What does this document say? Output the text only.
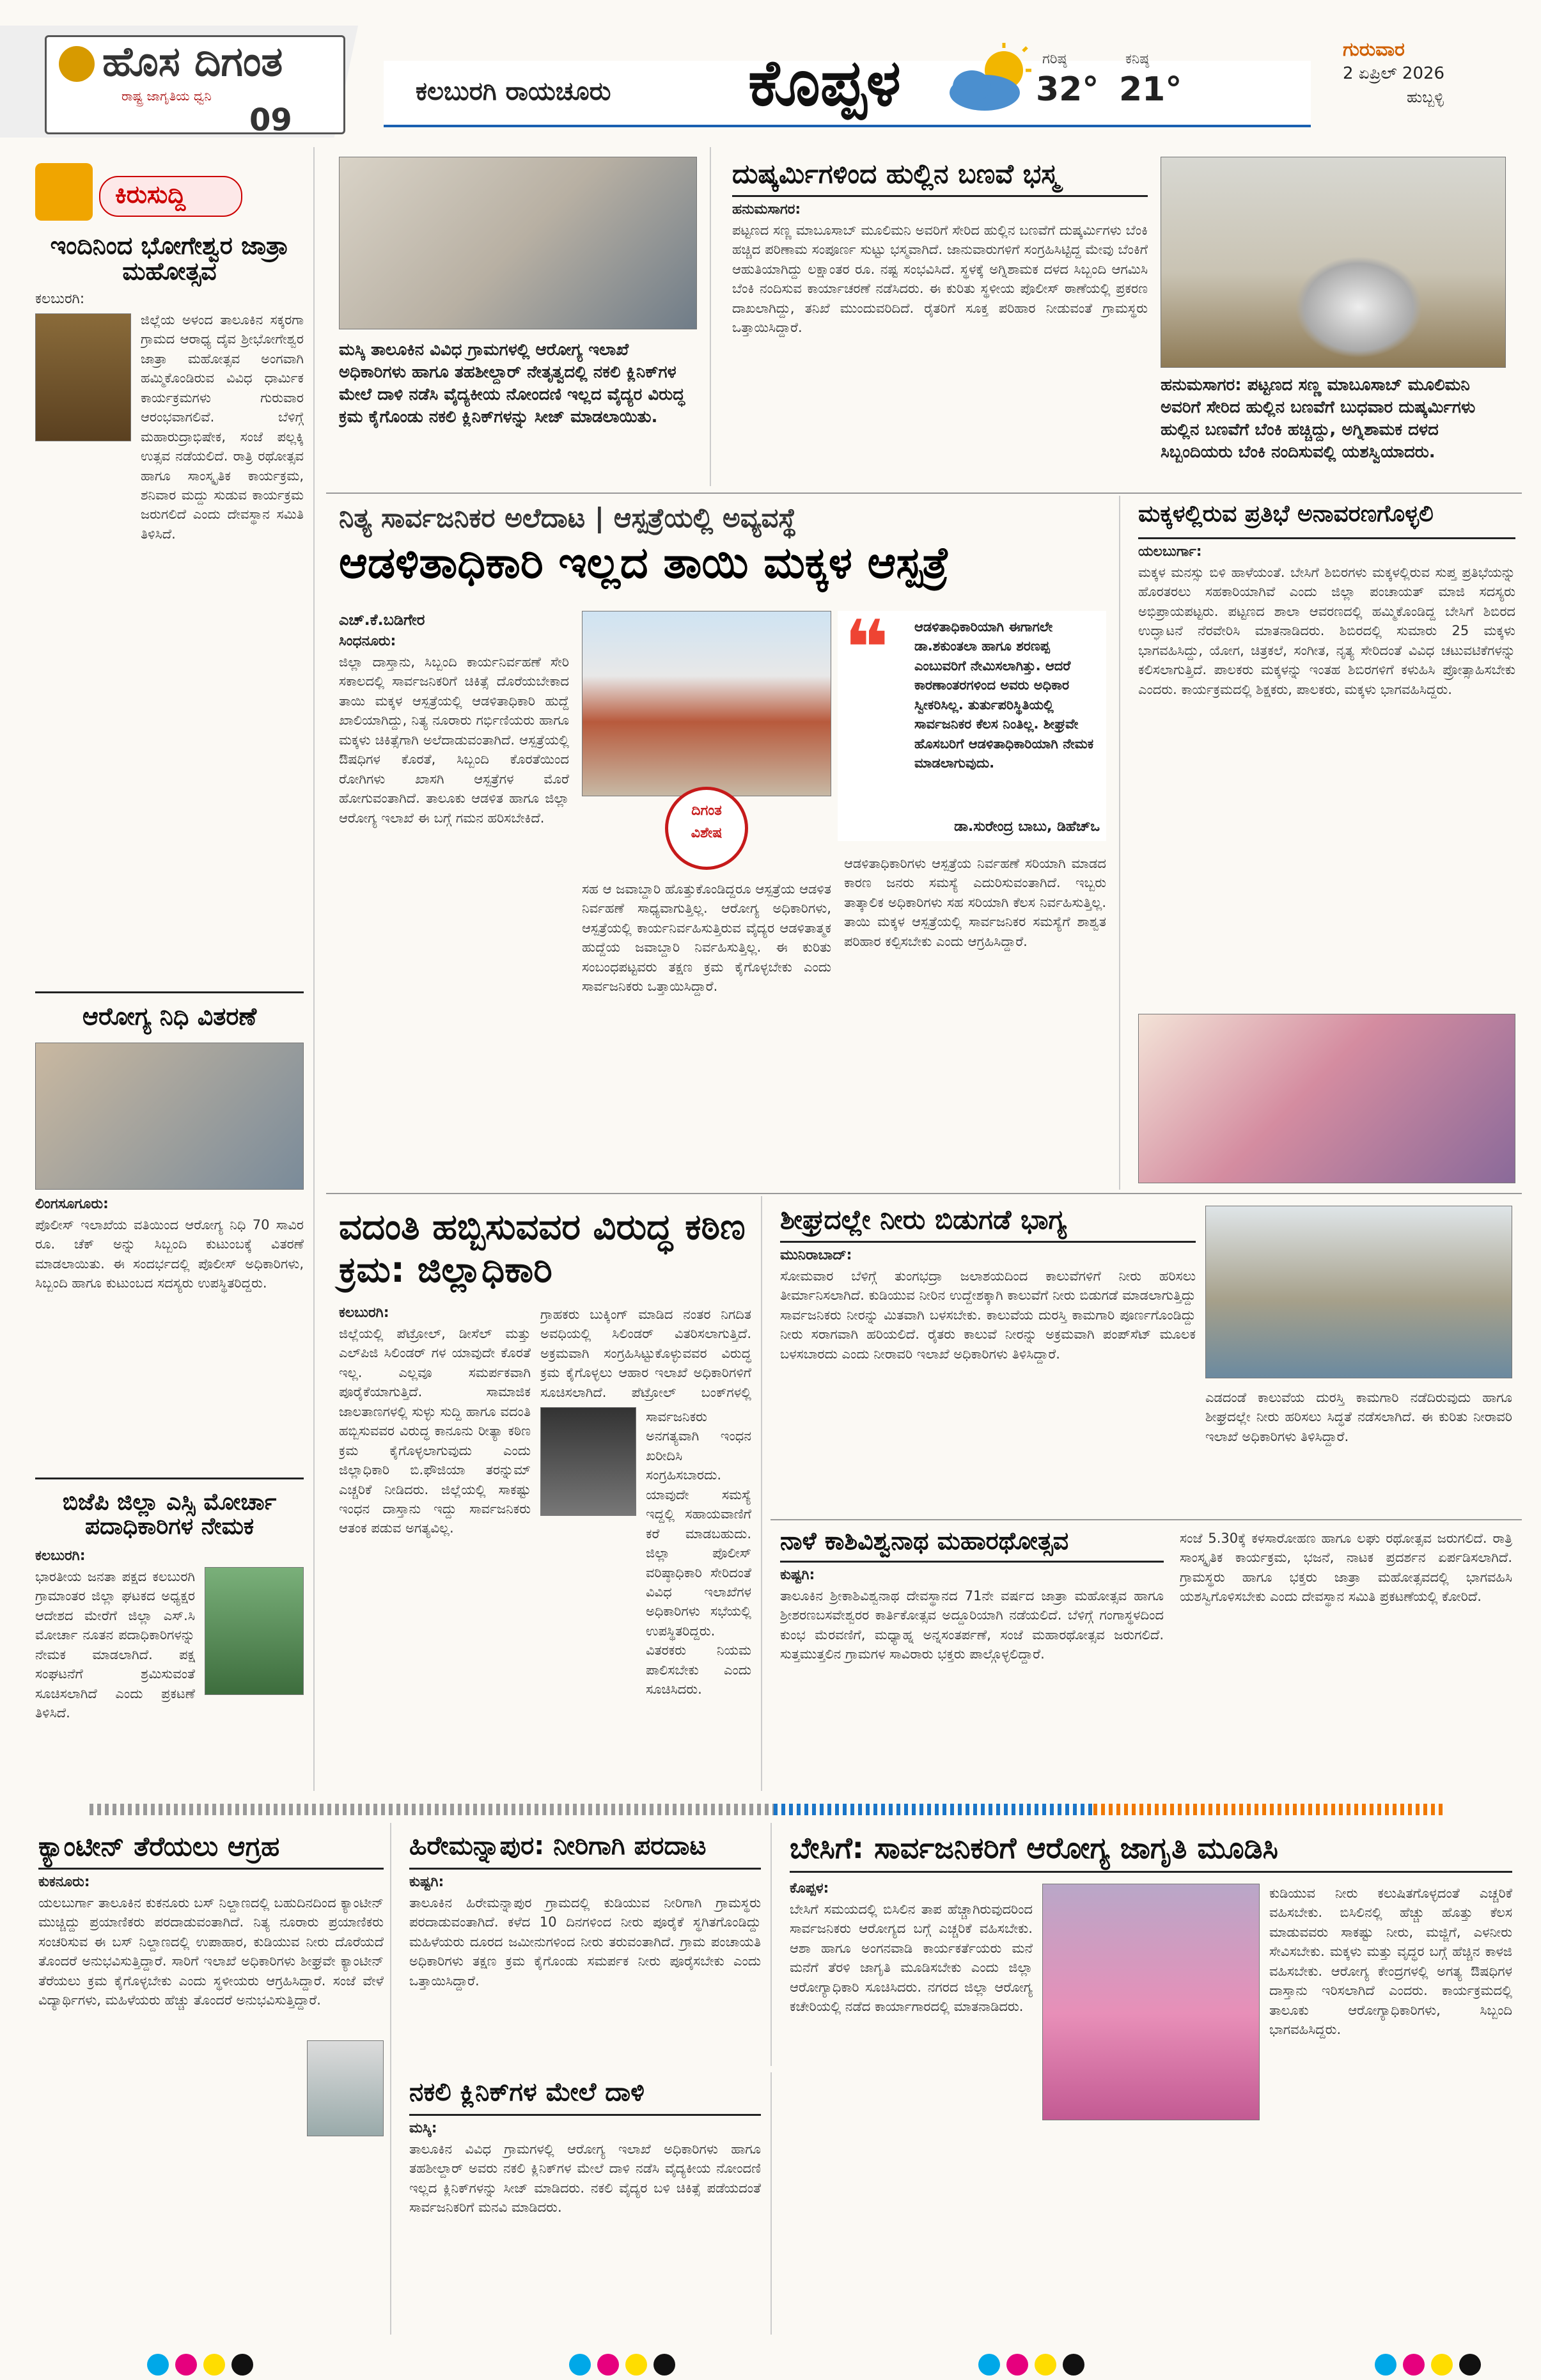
ಹೊಸ ದಿಗಂತ
ರಾಷ್ಟ್ರ ಜಾಗೃತಿಯ ಧ್ವನಿ
09
ಕಲಬುರಗಿ ರಾಯಚೂರು ಕೊಪ್ಪಳ	ಗರಿಷ್ಠ
32°
ಕನಿಷ್ಠ
21°
ಗುರುವಾರ
2 ಏಪ್ರಿಲ್ 2026
ಹುಬ್ಬಳ್ಳಿ
ಕಿರುಸುದ್ದಿ
ಇಂದಿನಿಂದ ಭೋಗೇಶ್ವರ ಜಾತ್ರಾ ಮಹೋತ್ಸವ
ಕಲಬುರಗಿ:
ಜಿಲ್ಲೆಯ ಅಳಂದ ತಾಲೂಕಿನ ಸಕ್ಕರಗಾ ಗ್ರಾಮದ ಆರಾಧ್ಯ ದೈವ ಶ್ರೀಭೋಗೇಶ್ವರ ಜಾತ್ರಾ ಮಹೋತ್ಸವ ಅಂಗವಾಗಿ ಹಮ್ಮಿಕೊಂಡಿರುವ ವಿವಿಧ ಧಾರ್ಮಿಕ ಕಾರ್ಯಕ್ರಮಗಳು ಗುರುವಾರ ಆರಂಭವಾಗಲಿವೆ. ಬೆಳಿಗ್ಗೆ ಮಹಾರುದ್ರಾಭಿಷೇಕ, ಸಂಜೆ ಪಲ್ಲಕ್ಕಿ ಉತ್ಸವ ನಡೆಯಲಿದೆ. ರಾತ್ರಿ ರಥೋತ್ಸವ ಹಾಗೂ ಸಾಂಸ್ಕೃತಿಕ ಕಾರ್ಯಕ್ರಮ, ಶನಿವಾರ ಮದ್ದು ಸುಡುವ ಕಾರ್ಯಕ್ರಮ ಜರುಗಲಿದೆ ಎಂದು ದೇವಸ್ಥಾನ ಸಮಿತಿ ತಿಳಿಸಿದೆ.
ಆರೋಗ್ಯ ನಿಧಿ ವಿತರಣೆ
ಲಿಂಗಸೂಗೂರು:
ಪೊಲೀಸ್ ಇಲಾಖೆಯ ವತಿಯಿಂದ ಆರೋಗ್ಯ ನಿಧಿ 70 ಸಾವಿರ ರೂ. ಚೆಕ್ ಅನ್ನು ಸಿಬ್ಬಂದಿ ಕುಟುಂಬಕ್ಕೆ ವಿತರಣೆ ಮಾಡಲಾಯಿತು. ಈ ಸಂದರ್ಭದಲ್ಲಿ ಪೊಲೀಸ್ ಅಧಿಕಾರಿಗಳು, ಸಿಬ್ಬಂದಿ ಹಾಗೂ ಕುಟುಂಬದ ಸದಸ್ಯರು ಉಪಸ್ಥಿತರಿದ್ದರು.
ಬಿಜೆಪಿ ಜಿಲ್ಲಾ ಎಸ್ಸಿ ಮೋರ್ಚಾ ಪದಾಧಿಕಾರಿಗಳ ನೇಮಕ
ಕಲಬುರಗಿ:
ಭಾರತೀಯ ಜನತಾ ಪಕ್ಷದ ಕಲಬುರಗಿ ಗ್ರಾಮಾಂತರ ಜಿಲ್ಲಾ ಘಟಕದ ಅಧ್ಯಕ್ಷರ ಆದೇಶದ ಮೇರೆಗೆ ಜಿಲ್ಲಾ ಎಸ್.ಸಿ ಮೋರ್ಚಾ ನೂತನ ಪದಾಧಿಕಾರಿಗಳನ್ನು ನೇಮಕ ಮಾಡಲಾಗಿದೆ. ಪಕ್ಷ ಸಂಘಟನೆಗೆ ಶ್ರಮಿಸುವಂತೆ ಸೂಚಿಸಲಾಗಿದೆ ಎಂದು ಪ್ರಕಟಣೆ ತಿಳಿಸಿದೆ.
ಮಸ್ಕಿ ತಾಲೂಕಿನ ವಿವಿಧ ಗ್ರಾಮಗಳಲ್ಲಿ ಆರೋಗ್ಯ ಇಲಾಖೆ ಅಧಿಕಾರಿಗಳು ಹಾಗೂ ತಹಶೀಲ್ದಾರ್ ನೇತೃತ್ವದಲ್ಲಿ ನಕಲಿ ಕ್ಲಿನಿಕ್‌ಗಳ ಮೇಲೆ ದಾಳಿ ನಡೆಸಿ ವೈದ್ಯಕೀಯ ನೋಂದಣಿ ಇಲ್ಲದ ವೈದ್ಯರ ವಿರುದ್ಧ ಕ್ರಮ ಕೈಗೊಂಡು ನಕಲಿ ಕ್ಲಿನಿಕ್‌ಗಳನ್ನು ಸೀಜ್ ಮಾಡಲಾಯಿತು.
ದುಷ್ಕರ್ಮಿಗಳಿಂದ ಹುಲ್ಲಿನ ಬಣವೆ ಭಸ್ಮ
ಹನುಮಸಾಗರ:
ಪಟ್ಟಣದ ಸಣ್ಣ ಮಾಬೂಸಾಬ್ ಮೂಲಿಮನಿ ಅವರಿಗೆ ಸೇರಿದ ಹುಲ್ಲಿನ ಬಣವೆಗೆ ದುಷ್ಕರ್ಮಿಗಳು ಬೆಂಕಿ ಹಚ್ಚಿದ ಪರಿಣಾಮ ಸಂಪೂರ್ಣ ಸುಟ್ಟು ಭಸ್ಮವಾಗಿದೆ. ಜಾನುವಾರುಗಳಿಗೆ ಸಂಗ್ರಹಿಸಿಟ್ಟಿದ್ದ ಮೇವು ಬೆಂಕಿಗೆ ಆಹುತಿಯಾಗಿದ್ದು ಲಕ್ಷಾಂತರ ರೂ. ನಷ್ಟ ಸಂಭವಿಸಿದೆ. ಸ್ಥಳಕ್ಕೆ ಅಗ್ನಿಶಾಮಕ ದಳದ ಸಿಬ್ಬಂದಿ ಆಗಮಿಸಿ ಬೆಂಕಿ ನಂದಿಸುವ ಕಾರ್ಯಾಚರಣೆ ನಡೆಸಿದರು. ಈ ಕುರಿತು ಸ್ಥಳೀಯ ಪೊಲೀಸ್ ಠಾಣೆಯಲ್ಲಿ ಪ್ರಕರಣ ದಾಖಲಾಗಿದ್ದು, ತನಿಖೆ ಮುಂದುವರಿದಿದೆ. ರೈತರಿಗೆ ಸೂಕ್ತ ಪರಿಹಾರ ನೀಡುವಂತೆ ಗ್ರಾಮಸ್ಥರು ಒತ್ತಾಯಿಸಿದ್ದಾರೆ.
ಹನುಮಸಾಗರ: ಪಟ್ಟಣದ ಸಣ್ಣ ಮಾಬೂಸಾಬ್ ಮೂಲಿಮನಿ ಅವರಿಗೆ ಸೇರಿದ ಹುಲ್ಲಿನ ಬಣವೆಗೆ ಬುಧವಾರ ದುಷ್ಕರ್ಮಿಗಳು ಹುಲ್ಲಿನ ಬಣವೆಗೆ ಬೆಂಕಿ ಹಚ್ಚಿದ್ದು, ಅಗ್ನಿಶಾಮಕ ದಳದ ಸಿಬ್ಬಂದಿಯರು ಬೆಂಕಿ ನಂದಿಸುವಲ್ಲಿ ಯಶಸ್ವಿಯಾದರು.
ನಿತ್ಯ ಸಾರ್ವಜನಿಕರ ಅಲೆದಾಟ | ಆಸ್ಪತ್ರೆಯಲ್ಲಿ ಅವ್ಯವಸ್ಥೆ
ಆಡಳಿತಾಧಿಕಾರಿ ಇಲ್ಲದ ತಾಯಿ ಮಕ್ಕಳ ಆಸ್ಪತ್ರೆ
ಎಚ್.ಕೆ.ಬಡಿಗೇರ
ಸಿಂಧನೂರು:
ಜಿಲ್ಲಾ ದಾಸ್ತಾನು, ಸಿಬ್ಬಂದಿ ಕಾರ್ಯನಿರ್ವಹಣೆ ಸೇರಿ ಸಕಾಲದಲ್ಲಿ ಸಾರ್ವಜನಿಕರಿಗೆ ಚಿಕಿತ್ಸೆ ದೊರೆಯಬೇಕಾದ ತಾಯಿ ಮಕ್ಕಳ ಆಸ್ಪತ್ರೆಯಲ್ಲಿ ಆಡಳಿತಾಧಿಕಾರಿ ಹುದ್ದೆ ಖಾಲಿಯಾಗಿದ್ದು, ನಿತ್ಯ ನೂರಾರು ಗರ್ಭಿಣಿಯರು ಹಾಗೂ ಮಕ್ಕಳು ಚಿಕಿತ್ಸೆಗಾಗಿ ಅಲೆದಾಡುವಂತಾಗಿದೆ. ಆಸ್ಪತ್ರೆಯಲ್ಲಿ ಔಷಧಿಗಳ ಕೊರತೆ, ಸಿಬ್ಬಂದಿ ಕೊರತೆಯಿಂದ ರೋಗಿಗಳು ಖಾಸಗಿ ಆಸ್ಪತ್ರೆಗಳ ಮೊರೆ ಹೋಗುವಂತಾಗಿದೆ. ತಾಲೂಕು ಆಡಳಿತ ಹಾಗೂ ಜಿಲ್ಲಾ ಆರೋಗ್ಯ ಇಲಾಖೆ ಈ ಬಗ್ಗೆ ಗಮನ ಹರಿಸಬೇಕಿದೆ.	ದಿಗಂತ
ವಿಶೇಷ
ಸಹ ಆ ಜವಾಬ್ದಾರಿ ಹೊತ್ತುಕೊಂಡಿದ್ದರೂ ಆಸ್ಪತ್ರೆಯ ಆಡಳಿತ ನಿರ್ವಹಣೆ ಸಾಧ್ಯವಾಗುತ್ತಿಲ್ಲ. ಆರೋಗ್ಯ ಅಧಿಕಾರಿಗಳು, ಆಸ್ಪತ್ರೆಯಲ್ಲಿ ಕಾರ್ಯನಿರ್ವಹಿಸುತ್ತಿರುವ ವೈದ್ಯರ ಆಡಳಿತಾತ್ಮಕ ಹುದ್ದೆಯ ಜವಾಬ್ದಾರಿ ನಿರ್ವಹಿಸುತ್ತಿಲ್ಲ. ಈ ಕುರಿತು ಸಂಬಂಧಪಟ್ಟವರು ತಕ್ಷಣ ಕ್ರಮ ಕೈಗೊಳ್ಳಬೇಕು ಎಂದು ಸಾರ್ವಜನಿಕರು ಒತ್ತಾಯಿಸಿದ್ದಾರೆ.
❝ ಆಡಳಿತಾಧಿಕಾರಿಯಾಗಿ ಈಗಾಗಲೇ ಡಾ.ಶಕುಂತಲಾ ಹಾಗೂ ಶರಣಪ್ಪ ಎಂಬುವರಿಗೆ ನೇಮಿಸಲಾಗಿತ್ತು. ಆದರೆ ಕಾರಣಾಂತರಗಳಿಂದ ಅವರು ಅಧಿಕಾರ ಸ್ವೀಕರಿಸಿಲ್ಲ. ತುರ್ತುಪರಿಸ್ಥಿತಿಯಲ್ಲಿ ಸಾರ್ವಜನಿಕರ ಕೆಲಸ ನಿಂತಿಲ್ಲ. ಶೀಘ್ರವೇ ಹೊಸಬರಿಗೆ ಆಡಳಿತಾಧಿಕಾರಿಯಾಗಿ ನೇಮಕ ಮಾಡಲಾಗುವುದು.
ಡಾ.ಸುರೇಂದ್ರ ಬಾಬು, ಡಿಹೆಚ್‌ಒ
ಆಡಳಿತಾಧಿಕಾರಿಗಳು ಆಸ್ಪತ್ರೆಯ ನಿರ್ವಹಣೆ ಸರಿಯಾಗಿ ಮಾಡದ ಕಾರಣ ಜನರು ಸಮಸ್ಯೆ ಎದುರಿಸುವಂತಾಗಿದೆ. ಇಬ್ಬರು ತಾತ್ಕಾಲಿಕ ಅಧಿಕಾರಿಗಳು ಸಹ ಸರಿಯಾಗಿ ಕೆಲಸ ನಿರ್ವಹಿಸುತ್ತಿಲ್ಲ. ತಾಯಿ ಮಕ್ಕಳ ಆಸ್ಪತ್ರೆಯಲ್ಲಿ ಸಾರ್ವಜನಿಕರ ಸಮಸ್ಯೆಗೆ ಶಾಶ್ವತ ಪರಿಹಾರ ಕಲ್ಪಿಸಬೇಕು ಎಂದು ಆಗ್ರಹಿಸಿದ್ದಾರೆ.
ಮಕ್ಕಳಲ್ಲಿರುವ ಪ್ರತಿಭೆ ಅನಾವರಣಗೊಳ್ಳಲಿ
ಯಲಬುರ್ಗಾ:
ಮಕ್ಕಳ ಮನಸ್ಸು ಬಿಳಿ ಹಾಳೆಯಂತೆ. ಬೇಸಿಗೆ ಶಿಬಿರಗಳು ಮಕ್ಕಳಲ್ಲಿರುವ ಸುಪ್ತ ಪ್ರತಿಭೆಯನ್ನು ಹೊರತರಲು ಸಹಕಾರಿಯಾಗಿವೆ ಎಂದು ಜಿಲ್ಲಾ ಪಂಚಾಯತ್ ಮಾಜಿ ಸದಸ್ಯರು ಅಭಿಪ್ರಾಯಪಟ್ಟರು. ಪಟ್ಟಣದ ಶಾಲಾ ಆವರಣದಲ್ಲಿ ಹಮ್ಮಿಕೊಂಡಿದ್ದ ಬೇಸಿಗೆ ಶಿಬಿರದ ಉದ್ಘಾಟನೆ ನೆರವೇರಿಸಿ ಮಾತನಾಡಿದರು. ಶಿಬಿರದಲ್ಲಿ ಸುಮಾರು 25 ಮಕ್ಕಳು ಭಾಗವಹಿಸಿದ್ದು, ಯೋಗ, ಚಿತ್ರಕಲೆ, ಸಂಗೀತ, ನೃತ್ಯ ಸೇರಿದಂತೆ ವಿವಿಧ ಚಟುವಟಿಕೆಗಳನ್ನು ಕಲಿಸಲಾಗುತ್ತಿದೆ. ಪಾಲಕರು ಮಕ್ಕಳನ್ನು ಇಂತಹ ಶಿಬಿರಗಳಿಗೆ ಕಳುಹಿಸಿ ಪ್ರೋತ್ಸಾಹಿಸಬೇಕು ಎಂದರು. ಕಾರ್ಯಕ್ರಮದಲ್ಲಿ ಶಿಕ್ಷಕರು, ಪಾಲಕರು, ಮಕ್ಕಳು ಭಾಗವಹಿಸಿದ್ದರು.
ವದಂತಿ ಹಬ್ಬಿಸುವವರ ವಿರುದ್ಧ ಕಠಿಣ ಕ್ರಮ: ಜಿಲ್ಲಾಧಿಕಾರಿ
ಕಲಬುರಗಿ:
ಜಿಲ್ಲೆಯಲ್ಲಿ ಪೆಟ್ರೋಲ್, ಡೀಸೆಲ್ ಮತ್ತು ಎಲ್‌ಪಿಜಿ ಸಿಲಿಂಡರ್ ಗಳ ಯಾವುದೇ ಕೊರತೆ ಇಲ್ಲ. ಎಲ್ಲವೂ ಸಮರ್ಪಕವಾಗಿ ಪೂರೈಕೆಯಾಗುತ್ತಿದೆ. ಸಾಮಾಜಿಕ ಜಾಲತಾಣಗಳಲ್ಲಿ ಸುಳ್ಳು ಸುದ್ದಿ ಹಾಗೂ ವದಂತಿ ಹಬ್ಬಿಸುವವರ ವಿರುದ್ಧ ಕಾನೂನು ರೀತ್ಯಾ ಕಠಿಣ ಕ್ರಮ ಕೈಗೊಳ್ಳಲಾಗುವುದು ಎಂದು ಜಿಲ್ಲಾಧಿಕಾರಿ ಬಿ.ಫೌಜಿಯಾ ತರನ್ನುಮ್ ಎಚ್ಚರಿಕೆ ನೀಡಿದರು. ಜಿಲ್ಲೆಯಲ್ಲಿ ಸಾಕಷ್ಟು ಇಂಧನ ದಾಸ್ತಾನು ಇದ್ದು ಸಾರ್ವಜನಿಕರು ಆತಂಕ ಪಡುವ ಅಗತ್ಯವಿಲ್ಲ.
ಗ್ರಾಹಕರು ಬುಕ್ಕಿಂಗ್ ಮಾಡಿದ ನಂತರ ನಿಗದಿತ ಅವಧಿಯಲ್ಲಿ ಸಿಲಿಂಡರ್ ವಿತರಿಸಲಾಗುತ್ತಿದೆ. ಅಕ್ರಮವಾಗಿ ಸಂಗ್ರಹಿಸಿಟ್ಟುಕೊಳ್ಳುವವರ ವಿರುದ್ಧ ಕ್ರಮ ಕೈಗೊಳ್ಳಲು ಆಹಾರ ಇಲಾಖೆ ಅಧಿಕಾರಿಗಳಿಗೆ ಸೂಚಿಸಲಾಗಿದೆ. ಪೆಟ್ರೋಲ್ ಬಂಕ್‌ಗಳಲ್ಲಿ
ಸಾರ್ವಜನಿಕರು ಅನಗತ್ಯವಾಗಿ ಇಂಧನ ಖರೀದಿಸಿ ಸಂಗ್ರಹಿಸಬಾರದು. ಯಾವುದೇ ಸಮಸ್ಯೆ ಇದ್ದಲ್ಲಿ ಸಹಾಯವಾಣಿಗೆ ಕರೆ ಮಾಡಬಹುದು. ಜಿಲ್ಲಾ ಪೊಲೀಸ್ ವರಿಷ್ಠಾಧಿಕಾರಿ ಸೇರಿದಂತೆ ವಿವಿಧ ಇಲಾಖೆಗಳ ಅಧಿಕಾರಿಗಳು ಸಭೆಯಲ್ಲಿ ಉಪಸ್ಥಿತರಿದ್ದರು. ವಿತರಕರು ನಿಯಮ ಪಾಲಿಸಬೇಕು ಎಂದು ಸೂಚಿಸಿದರು.
ಶೀಘ್ರದಲ್ಲೇ ನೀರು ಬಿಡುಗಡೆ ಭಾಗ್ಯ
ಮುನಿರಾಬಾದ್:
ಸೋಮವಾರ ಬೆಳಿಗ್ಗೆ ತುಂಗಭದ್ರಾ ಜಲಾಶಯದಿಂದ ಕಾಲುವೆಗಳಿಗೆ ನೀರು ಹರಿಸಲು ತೀರ್ಮಾನಿಸಲಾಗಿದೆ. ಕುಡಿಯುವ ನೀರಿನ ಉದ್ದೇಶಕ್ಕಾಗಿ ಕಾಲುವೆಗೆ ನೀರು ಬಿಡುಗಡೆ ಮಾಡಲಾಗುತ್ತಿದ್ದು ಸಾರ್ವಜನಿಕರು ನೀರನ್ನು ಮಿತವಾಗಿ ಬಳಸಬೇಕು. ಕಾಲುವೆಯ ದುರಸ್ತಿ ಕಾಮಗಾರಿ ಪೂರ್ಣಗೊಂಡಿದ್ದು ನೀರು ಸರಾಗವಾಗಿ ಹರಿಯಲಿದೆ. ರೈತರು ಕಾಲುವೆ ನೀರನ್ನು ಅಕ್ರಮವಾಗಿ ಪಂಪ್‌ಸೆಟ್ ಮೂಲಕ ಬಳಸಬಾರದು ಎಂದು ನೀರಾವರಿ ಇಲಾಖೆ ಅಧಿಕಾರಿಗಳು ತಿಳಿಸಿದ್ದಾರೆ.
ಎಡದಂಡೆ ಕಾಲುವೆಯ ದುರಸ್ತಿ ಕಾಮಗಾರಿ ನಡೆದಿರುವುದು ಹಾಗೂ ಶೀಘ್ರದಲ್ಲೇ ನೀರು ಹರಿಸಲು ಸಿದ್ಧತೆ ನಡೆಸಲಾಗಿದೆ. ಈ ಕುರಿತು ನೀರಾವರಿ ಇಲಾಖೆ ಅಧಿಕಾರಿಗಳು ತಿಳಿಸಿದ್ದಾರೆ.
ನಾಳೆ ಕಾಶಿವಿಶ್ವನಾಥ ಮಹಾರಥೋತ್ಸವ
ಕುಷ್ಟಗಿ:
ತಾಲೂಕಿನ ಶ್ರೀಕಾಶಿವಿಶ್ವನಾಥ ದೇವಸ್ಥಾನದ 71ನೇ ವರ್ಷದ ಜಾತ್ರಾ ಮಹೋತ್ಸವ ಹಾಗೂ ಶ್ರೀಶರಣಬಸವೇಶ್ವರರ ಕಾರ್ತಿಕೋತ್ಸವ ಅದ್ದೂರಿಯಾಗಿ ನಡೆಯಲಿದೆ. ಬೆಳಿಗ್ಗೆ ಗಂಗಾಸ್ಥಳದಿಂದ ಕುಂಭ ಮೆರವಣಿಗೆ, ಮಧ್ಯಾಹ್ನ ಅನ್ನಸಂತರ್ಪಣೆ, ಸಂಜೆ ಮಹಾರಥೋತ್ಸವ ಜರುಗಲಿದೆ. ಸುತ್ತಮುತ್ತಲಿನ ಗ್ರಾಮಗಳ ಸಾವಿರಾರು ಭಕ್ತರು ಪಾಲ್ಗೊಳ್ಳಲಿದ್ದಾರೆ.
ಸಂಜೆ 5.30ಕ್ಕೆ ಕಳಸಾರೋಹಣ ಹಾಗೂ ಲಘು ರಥೋತ್ಸವ ಜರುಗಲಿದೆ. ರಾತ್ರಿ ಸಾಂಸ್ಕೃತಿಕ ಕಾರ್ಯಕ್ರಮ, ಭಜನೆ, ನಾಟಕ ಪ್ರದರ್ಶನ ಏರ್ಪಡಿಸಲಾಗಿದೆ. ಗ್ರಾಮಸ್ಥರು ಹಾಗೂ ಭಕ್ತರು ಜಾತ್ರಾ ಮಹೋತ್ಸವದಲ್ಲಿ ಭಾಗವಹಿಸಿ ಯಶಸ್ವಿಗೊಳಿಸಬೇಕು ಎಂದು ದೇವಸ್ಥಾನ ಸಮಿತಿ ಪ್ರಕಟಣೆಯಲ್ಲಿ ಕೋರಿದೆ.
ಕ್ಯಾಂಟೀನ್ ತೆರೆಯಲು ಆಗ್ರಹ
ಕುಕನೂರು:
ಯಲಬುರ್ಗಾ ತಾಲೂಕಿನ ಕುಕನೂರು ಬಸ್ ನಿಲ್ದಾಣದಲ್ಲಿ ಬಹುದಿನದಿಂದ ಕ್ಯಾಂಟೀನ್ ಮುಚ್ಚಿದ್ದು ಪ್ರಯಾಣಿಕರು ಪರದಾಡುವಂತಾಗಿದೆ. ನಿತ್ಯ ನೂರಾರು ಪ್ರಯಾಣಿಕರು ಸಂಚರಿಸುವ ಈ ಬಸ್ ನಿಲ್ದಾಣದಲ್ಲಿ ಉಪಾಹಾರ, ಕುಡಿಯುವ ನೀರು ದೊರೆಯದೆ ತೊಂದರೆ ಅನುಭವಿಸುತ್ತಿದ್ದಾರೆ. ಸಾರಿಗೆ ಇಲಾಖೆ ಅಧಿಕಾರಿಗಳು ಶೀಘ್ರವೇ ಕ್ಯಾಂಟೀನ್ ತೆರೆಯಲು ಕ್ರಮ ಕೈಗೊಳ್ಳಬೇಕು ಎಂದು ಸ್ಥಳೀಯರು ಆಗ್ರಹಿಸಿದ್ದಾರೆ. ಸಂಜೆ ವೇಳೆ ವಿದ್ಯಾರ್ಥಿಗಳು, ಮಹಿಳೆಯರು ಹೆಚ್ಚು ತೊಂದರೆ ಅನುಭವಿಸುತ್ತಿದ್ದಾರೆ.
ಹಿರೇಮನ್ನಾಪುರ: ನೀರಿಗಾಗಿ ಪರದಾಟ
ಕುಷ್ಟಗಿ:
ತಾಲೂಕಿನ ಹಿರೇಮನ್ನಾಪುರ ಗ್ರಾಮದಲ್ಲಿ ಕುಡಿಯುವ ನೀರಿಗಾಗಿ ಗ್ರಾಮಸ್ಥರು ಪರದಾಡುವಂತಾಗಿದೆ. ಕಳೆದ 10 ದಿನಗಳಿಂದ ನೀರು ಪೂರೈಕೆ ಸ್ಥಗಿತಗೊಂಡಿದ್ದು ಮಹಿಳೆಯರು ದೂರದ ಜಮೀನುಗಳಿಂದ ನೀರು ತರುವಂತಾಗಿದೆ. ಗ್ರಾಮ ಪಂಚಾಯತಿ ಅಧಿಕಾರಿಗಳು ತಕ್ಷಣ ಕ್ರಮ ಕೈಗೊಂಡು ಸಮರ್ಪಕ ನೀರು ಪೂರೈಸಬೇಕು ಎಂದು ಒತ್ತಾಯಿಸಿದ್ದಾರೆ.
ನಕಲಿ ಕ್ಲಿನಿಕ್‌ಗಳ ಮೇಲೆ ದಾಳಿ
ಮಸ್ಕಿ:
ತಾಲೂಕಿನ ವಿವಿಧ ಗ್ರಾಮಗಳಲ್ಲಿ ಆರೋಗ್ಯ ಇಲಾಖೆ ಅಧಿಕಾರಿಗಳು ಹಾಗೂ ತಹಶೀಲ್ದಾರ್ ಅವರು ನಕಲಿ ಕ್ಲಿನಿಕ್‌ಗಳ ಮೇಲೆ ದಾಳಿ ನಡೆಸಿ ವೈದ್ಯಕೀಯ ನೋಂದಣಿ ಇಲ್ಲದ ಕ್ಲಿನಿಕ್‌ಗಳನ್ನು ಸೀಜ್ ಮಾಡಿದರು. ನಕಲಿ ವೈದ್ಯರ ಬಳಿ ಚಿಕಿತ್ಸೆ ಪಡೆಯದಂತೆ ಸಾರ್ವಜನಿಕರಿಗೆ ಮನವಿ ಮಾಡಿದರು.
ಬೇಸಿಗೆ: ಸಾರ್ವಜನಿಕರಿಗೆ ಆರೋಗ್ಯ ಜಾಗೃತಿ ಮೂಡಿಸಿ
ಕೊಪ್ಪಳ:
ಬೇಸಿಗೆ ಸಮಯದಲ್ಲಿ ಬಿಸಿಲಿನ ತಾಪ ಹೆಚ್ಚಾಗಿರುವುದರಿಂದ ಸಾರ್ವಜನಿಕರು ಆರೋಗ್ಯದ ಬಗ್ಗೆ ಎಚ್ಚರಿಕೆ ವಹಿಸಬೇಕು. ಆಶಾ ಹಾಗೂ ಅಂಗನವಾಡಿ ಕಾರ್ಯಕರ್ತೆಯರು ಮನೆ ಮನೆಗೆ ತೆರಳಿ ಜಾಗೃತಿ ಮೂಡಿಸಬೇಕು ಎಂದು ಜಿಲ್ಲಾ ಆರೋಗ್ಯಾಧಿಕಾರಿ ಸೂಚಿಸಿದರು. ನಗರದ ಜಿಲ್ಲಾ ಆರೋಗ್ಯ ಕಚೇರಿಯಲ್ಲಿ ನಡೆದ ಕಾರ್ಯಾಗಾರದಲ್ಲಿ ಮಾತನಾಡಿದರು.
ಕುಡಿಯುವ ನೀರು ಕಲುಷಿತಗೊಳ್ಳದಂತೆ ಎಚ್ಚರಿಕೆ ವಹಿಸಬೇಕು. ಬಿಸಿಲಿನಲ್ಲಿ ಹೆಚ್ಚು ಹೊತ್ತು ಕೆಲಸ ಮಾಡುವವರು ಸಾಕಷ್ಟು ನೀರು, ಮಜ್ಜಿಗೆ, ಎಳನೀರು ಸೇವಿಸಬೇಕು. ಮಕ್ಕಳು ಮತ್ತು ವೃದ್ಧರ ಬಗ್ಗೆ ಹೆಚ್ಚಿನ ಕಾಳಜಿ ವಹಿಸಬೇಕು. ಆರೋಗ್ಯ ಕೇಂದ್ರಗಳಲ್ಲಿ ಅಗತ್ಯ ಔಷಧಿಗಳ ದಾಸ್ತಾನು ಇರಿಸಲಾಗಿದೆ ಎಂದರು. ಕಾರ್ಯಕ್ರಮದಲ್ಲಿ ತಾಲೂಕು ಆರೋಗ್ಯಾಧಿಕಾರಿಗಳು, ಸಿಬ್ಬಂದಿ ಭಾಗವಹಿಸಿದ್ದರು.
